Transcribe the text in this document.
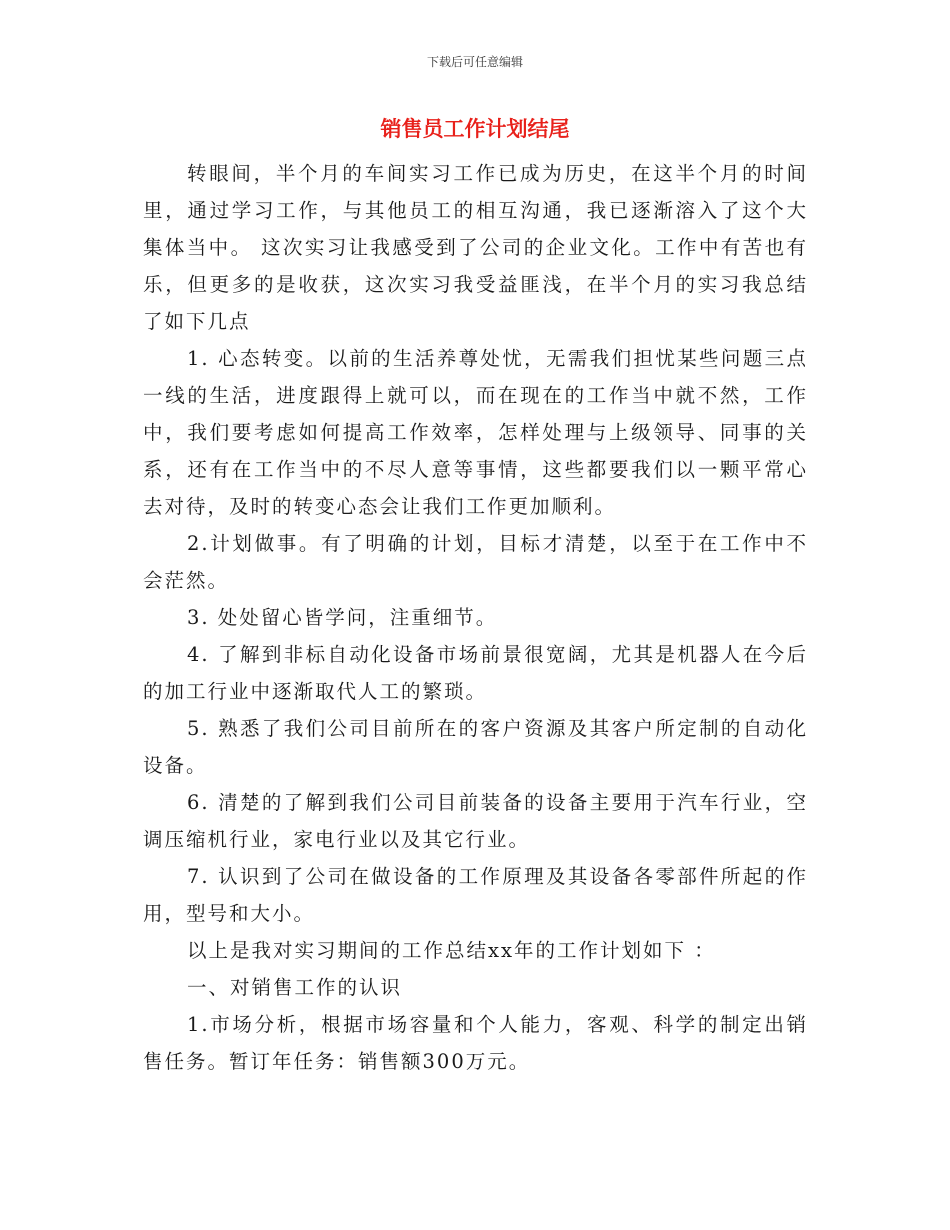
下载后可任意编辑
销售员工作计划结尾

转眼间，半个月的车间实习工作已成为历史，在这半个月的时间里，通过学习工作，与其他员工的相互沟通，我已逐渐溶入了这个大集体当中。 这次实习让我感受到了公司的企业文化。工作中有苦也有乐，但更多的是收获，这次实习我受益匪浅，在半个月的实习我总结了如下几点

1. 心态转变。以前的生活养尊处忧，无需我们担忧某些问题三点一线的生活，进度跟得上就可以，而在现在的工作当中就不然，工作中，我们要考虑如何提高工作效率，怎样处理与上级领导、同事的关系，还有在工作当中的不尽人意等事情，这些都要我们以一颗平常心去对待，及时的转变心态会让我们工作更加顺利。

2.计划做事。有了明确的计划，目标才清楚，以至于在工作中不会茫然。

3. 处处留心皆学问，注重细节。

4. 了解到非标自动化设备市场前景很宽阔，尤其是机器人在今后的加工行业中逐渐取代人工的繁琐。

5. 熟悉了我们公司目前所在的客户资源及其客户所定制的自动化设备。

6. 清楚的了解到我们公司目前装备的设备主要用于汽车行业，空调压缩机行业，家电行业以及其它行业。

7. 认识到了公司在做设备的工作原理及其设备各零部件所起的作用，型号和大小。

以上是我对实习期间的工作总结xx年的工作计划如下 ：

一、对销售工作的认识

1.市场分析，根据市场容量和个人能力，客观、科学的制定出销售任务。暂订年任务：销售额300万元。
